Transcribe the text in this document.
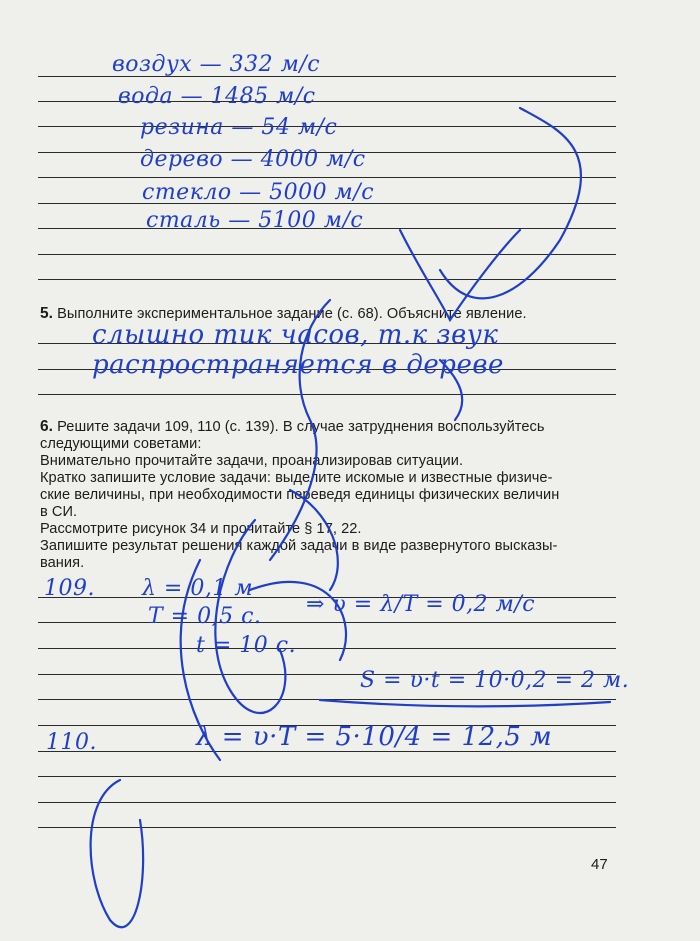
воздух — 332 м/с
вода — 1485 м/с
резина — 54 м/с
дерево — 4000 м/с
стекло — 5000 м/с
сталь — 5100 м/с
5. Выполните экспериментальное задание (с. 68). Объясните явление.
слышно тик часов, т.к звук
распространяется в дереве
6. Решите задачи 109, 110 (с. 139). В случае затруднения воспользуйтесь
следующими советами:
Внимательно прочитайте задачи, проанализировав ситуации.
Кратко запишите условие задачи: выделите искомые и известные физиче-
ские величины, при необходимости переведя единицы физических величин
в СИ.
Рассмотрите рисунок 34 и прочитайте § 17, 22.
Запишите результат решения каждой задачи в виде развернутого высказы-
вания.
109. λ = 0,1 м
T = 0,5 с.
t = 10 с.
⇒ υ = λ/T = 0,2 м/с
S = υ·t = 10·0,2 = 2 м.
110.	λ = υ·T = 5·10/4 = 12,5 м
47
